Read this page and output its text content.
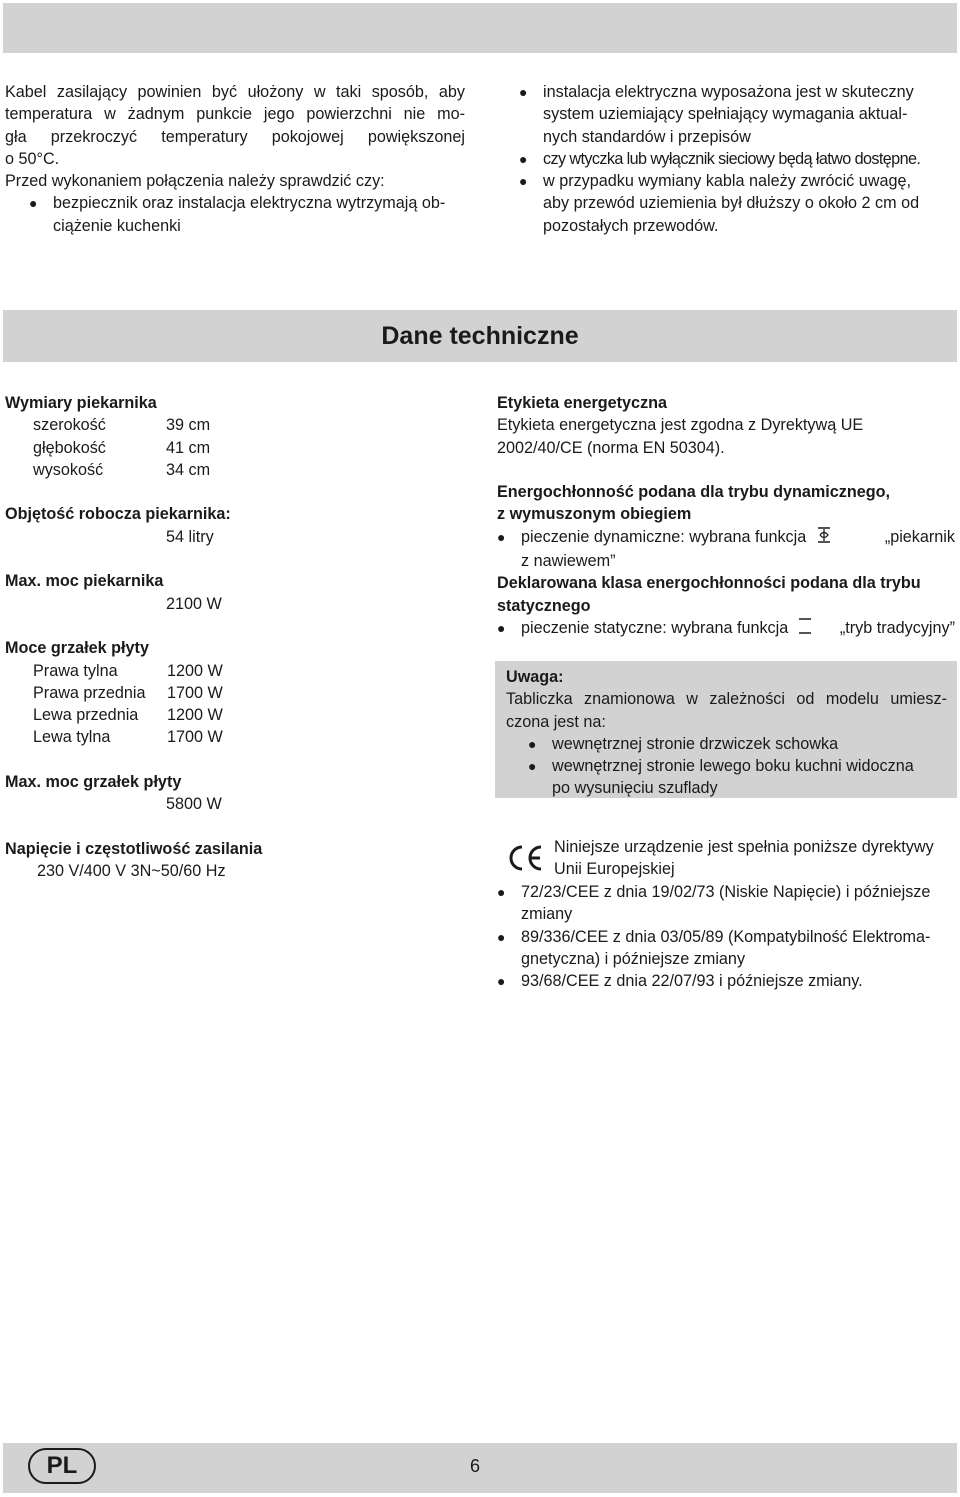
Kabel zasilający powinien być ułożony w taki sposób, aby

temperatura w żadnym punkcie jego powierzchni nie mo-

gła przekroczyć temperatury pokojowej powiększonej

o 50°C.

Przed wykonaniem połączenia należy sprawdzić czy:

● bezpiecznik oraz instalacja elektryczna wytrzymają ob-
ciążenie kuchenki
● instalacja elektryczna wyposażona jest w skuteczny
system uziemiający spełniający wymagania aktual-
nych standardów i przepisów
● czy wtyczka lub wyłącznik sieciowy będą łatwo dostępne.
● w przypadku wymiany kabla należy zwrócić uwagę,
aby przewód uziemienia był dłuższy o około 2 cm od
pozostałych przewodów.
Dane techniczne
Wymiary piekarnika
szerokość	39 cm
głębokość	41 cm
wysokość	34 cm
Objętość robocza piekarnika:
54 litry
Max. moc piekarnika
2100 W
Moce grzałek płyty
Prawa tylna	1200 W
Prawa przednia	1700 W
Lewa przednia	1200 W
Lewa tylna	1700 W
Max. moc grzałek płyty
5800 W
Napięcie i częstotliwość zasilania
230 V/400 V 3N~50/60 Hz
Etykieta energetyczna
Etykieta energetyczna jest zgodna z Dyrektywą UE
2002/40/CE (norma EN 50304).
Energochłonność podana dla trybu dynamicznego,
z wymuszonym obiegiem
● pieczenie dynamiczne: wybrana funkcja	„piekarnik
z nawiewem”
Deklarowana klasa energochłonności podana dla trybu
statycznego
● pieczenie statyczne: wybrana funkcja	„tryb tradycyjny”
Uwaga:
Tabliczka znamionowa w zależności od modelu umiesz-
czona jest na:
● wewnętrznej stronie drzwiczek schowka
● wewnętrznej stronie lewego boku kuchni widoczna
po wysunięciu szuflady
Niniejsze urządzenie jest spełnia poniższe dyrektywy
Unii Europejskiej
● 72/23/CEE z dnia 19/02/73 (Niskie Napięcie) i późniejsze
zmiany
● 89/336/CEE z dnia 03/05/89 (Kompatybilność Elektroma-
gnetyczna) i późniejsze zmiany
● 93/68/CEE z dnia 22/07/93 i późniejsze zmiany.
PL	6
